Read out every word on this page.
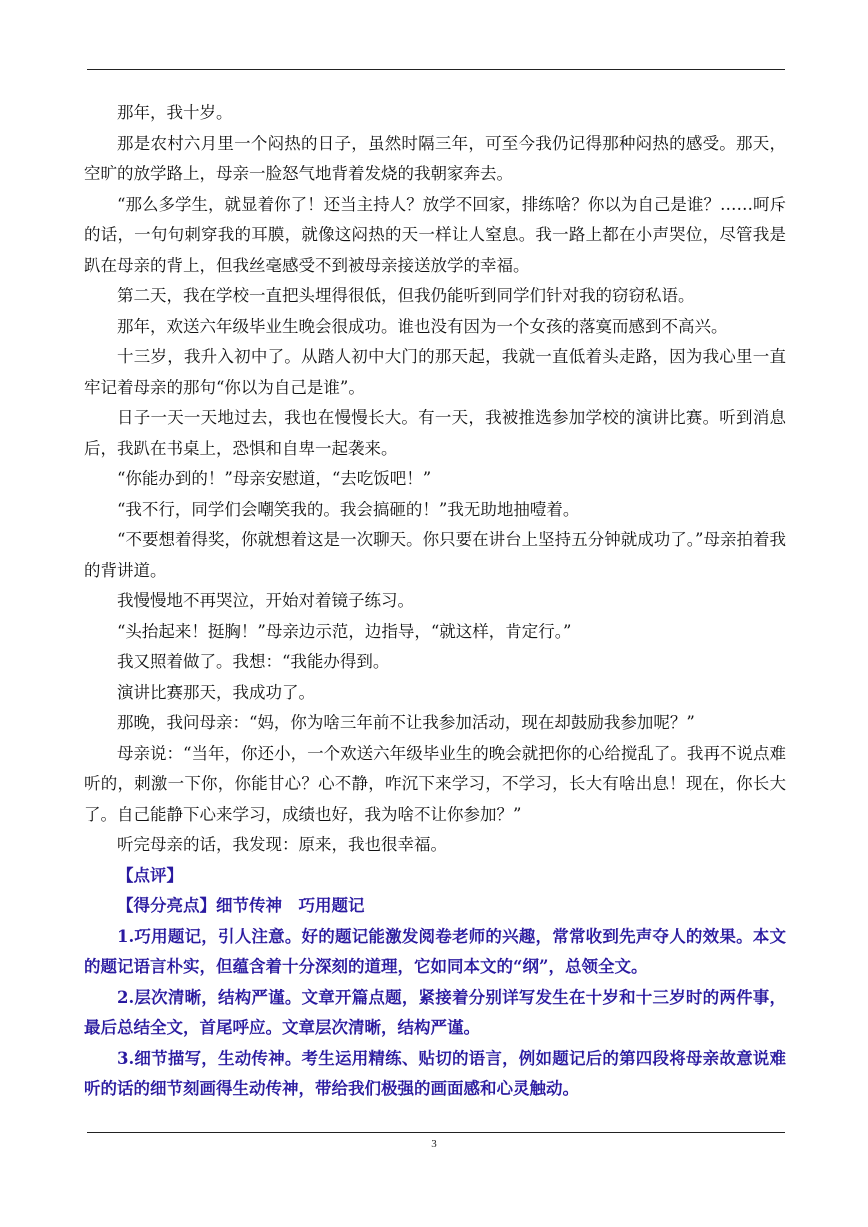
那年，我十岁。

那是农村六月里一个闷热的日子，虽然时隔三年，可至今我仍记得那种闷热的感受。那天，空旷的放学路上，母亲一脸怒气地背着发烧的我朝家奔去。

“那么多学生，就显着你了！还当主持人？放学不回家，排练啥？你以为自己是谁？……呵斥的话，一句句刺穿我的耳膜，就像这闷热的天一样让人窒息。我一路上都在小声哭位，尽管我是趴在母亲的背上，但我丝毫感受不到被母亲接送放学的幸福。

第二天，我在学校一直把头埋得很低，但我仍能听到同学们针对我的窃窃私语。

那年，欢送六年级毕业生晚会很成功。谁也没有因为一个女孩的落寞而感到不高兴。

十三岁，我升入初中了。从踏人初中大门的那天起，我就一直低着头走路，因为我心里一直牢记着母亲的那句“你以为自己是谁”。

日子一天一天地过去，我也在慢慢长大。有一天，我被推选参加学校的演讲比赛。听到消息后，我趴在书桌上，恐惧和自卑一起袭来。

“你能办到的！”母亲安慰道，“去吃饭吧！”

“我不行，同学们会嘲笑我的。我会搞砸的！”我无助地抽噎着。

“不要想着得奖，你就想着这是一次聊天。你只要在讲台上坚持五分钟就成功了。”母亲拍着我的背讲道。

我慢慢地不再哭泣，开始对着镜子练习。

“头抬起来！挺胸！”母亲边示范，边指导，“就这样，肯定行。”

我又照着做了。我想：“我能办得到。

演讲比赛那天，我成功了。

那晚，我问母亲：“妈，你为啥三年前不让我参加活动，现在却鼓励我参加呢？”

母亲说：“当年，你还小，一个欢送六年级毕业生的晚会就把你的心给搅乱了。我再不说点难听的，刺激一下你，你能甘心？心不静，咋沉下来学习，不学习，长大有啥出息！现在，你长大了。自己能静下心来学习，成绩也好，我为啥不让你参加？”

听完母亲的话，我发现：原来，我也很幸福。

【点评】

【得分亮点】细节传神　巧用题记

1.巧用题记，引人注意。好的题记能激发阅卷老师的兴趣，常常收到先声夺人的效果。本文的题记语言朴实，但蕴含着十分深刻的道理，它如同本文的“纲”，总领全文。

2.层次清晰，结构严谨。文章开篇点题，紧接着分别详写发生在十岁和十三岁时的两件事，最后总结全文，首尾呼应。文章层次清晰，结构严谨。

3.细节描写，生动传神。考生运用精练、贴切的语言，例如题记后的第四段将母亲故意说难听的话的细节刻画得生动传神，带给我们极强的画面感和心灵触动。

3
